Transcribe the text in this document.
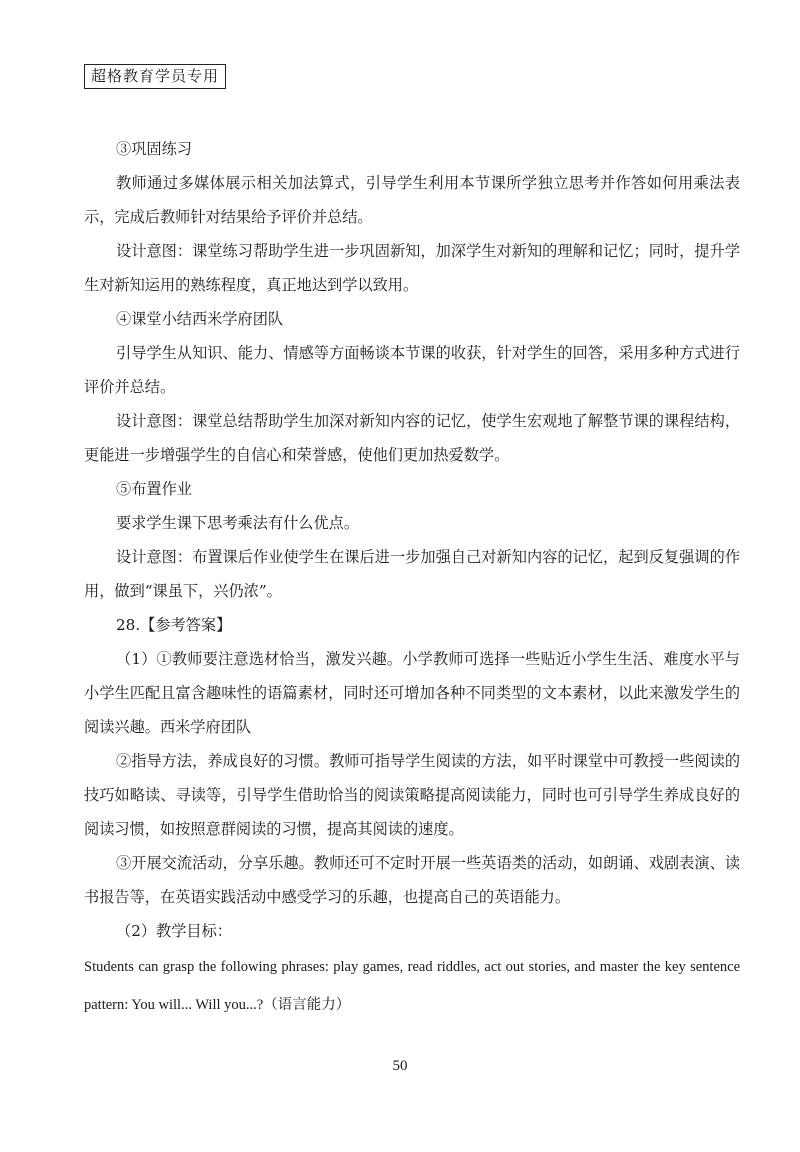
超格教育学员专用

③巩固练习

教师通过多媒体展示相关加法算式，引导学生利用本节课所学独立思考并作答如何用乘法表示，完成后教师针对结果给予评价并总结。

设计意图：课堂练习帮助学生进一步巩固新知，加深学生对新知的理解和记忆；同时，提升学生对新知运用的熟练程度，真正地达到学以致用。

④课堂小结西米学府团队

引导学生从知识、能力、情感等方面畅谈本节课的收获，针对学生的回答，采用多种方式进行评价并总结。

设计意图：课堂总结帮助学生加深对新知内容的记忆，使学生宏观地了解整节课的课程结构，更能进一步增强学生的自信心和荣誉感，使他们更加热爱数学。

⑤布置作业

要求学生课下思考乘法有什么优点。

设计意图：布置课后作业使学生在课后进一步加强自己对新知内容的记忆，起到反复强调的作用，做到“课虽下，兴仍浓”。

28.【参考答案】

（1）①教师要注意选材恰当，激发兴趣。小学教师可选择一些贴近小学生生活、难度水平与小学生匹配且富含趣味性的语篇素材，同时还可增加各种不同类型的文本素材，以此来激发学生的阅读兴趣。西米学府团队

②指导方法，养成良好的习惯。教师可指导学生阅读的方法，如平时课堂中可教授一些阅读的技巧如略读、寻读等，引导学生借助恰当的阅读策略提高阅读能力，同时也可引导学生养成良好的阅读习惯，如按照意群阅读的习惯，提高其阅读的速度。

③开展交流活动，分享乐趣。教师还可不定时开展一些英语类的活动，如朗诵、戏剧表演、读书报告等，在英语实践活动中感受学习的乐趣，也提高自己的英语能力。

（2）教学目标：

Students can grasp the following phrases: play games, read riddles, act out stories, and master the key sentence pattern: You will... Will you...?（语言能力）

50
